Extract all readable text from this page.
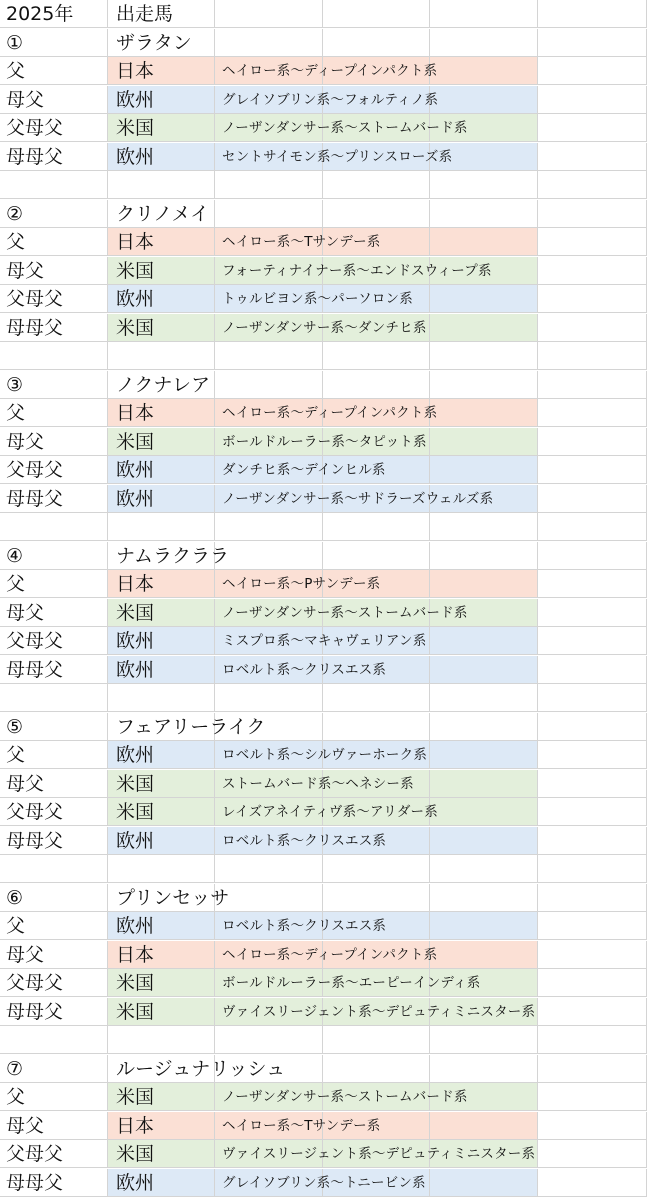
2025年 出走馬
①	ザラタン
父	日本	ヘイロー系〜ディープインパクト系
母父	欧州	グレイソブリン系〜フォルティノ系
父母父	米国	ノーザンダンサー系〜ストームバード系
母母父	欧州	セントサイモン系〜プリンスローズ系
②	クリノメイ
父	日本	ヘイロー系〜Tサンデー系
母父	米国	フォーティナイナー系〜エンドスウィープ系
父母父	欧州	トゥルビヨン系〜パーソロン系
母母父	米国	ノーザンダンサー系〜ダンチヒ系
③	ノクナレア
父	日本	ヘイロー系〜ディープインパクト系
母父	米国	ボールドルーラー系〜タピット系
父母父	欧州	ダンチヒ系〜デインヒル系
母母父	欧州	ノーザンダンサー系〜サドラーズウェルズ系
④	ナムラクララ
父	日本	ヘイロー系〜Pサンデー系
母父	米国	ノーザンダンサー系〜ストームバード系
父母父	欧州	ミスプロ系〜マキャヴェリアン系
母母父	欧州	ロベルト系〜クリスエス系
⑤	フェアリーライク
父	欧州	ロベルト系〜シルヴァーホーク系
母父	米国	ストームバード系〜ヘネシー系
父母父	米国	レイズアネイティヴ系〜アリダー系
母母父	欧州	ロベルト系〜クリスエス系
⑥	プリンセッサ
父	欧州	ロベルト系〜クリスエス系
母父	日本	ヘイロー系〜ディープインパクト系
父母父	米国	ボールドルーラー系〜エーピーインディ系
母母父	米国	ヴァイスリージェント系〜デピュティミニスター系
⑦	ルージュナリッシュ
父	米国	ノーザンダンサー系〜ストームバード系
母父	日本	ヘイロー系〜Tサンデー系
父母父	米国	ヴァイスリージェント系〜デピュティミニスター系
母母父	欧州	グレイソブリン系〜トニービン系
